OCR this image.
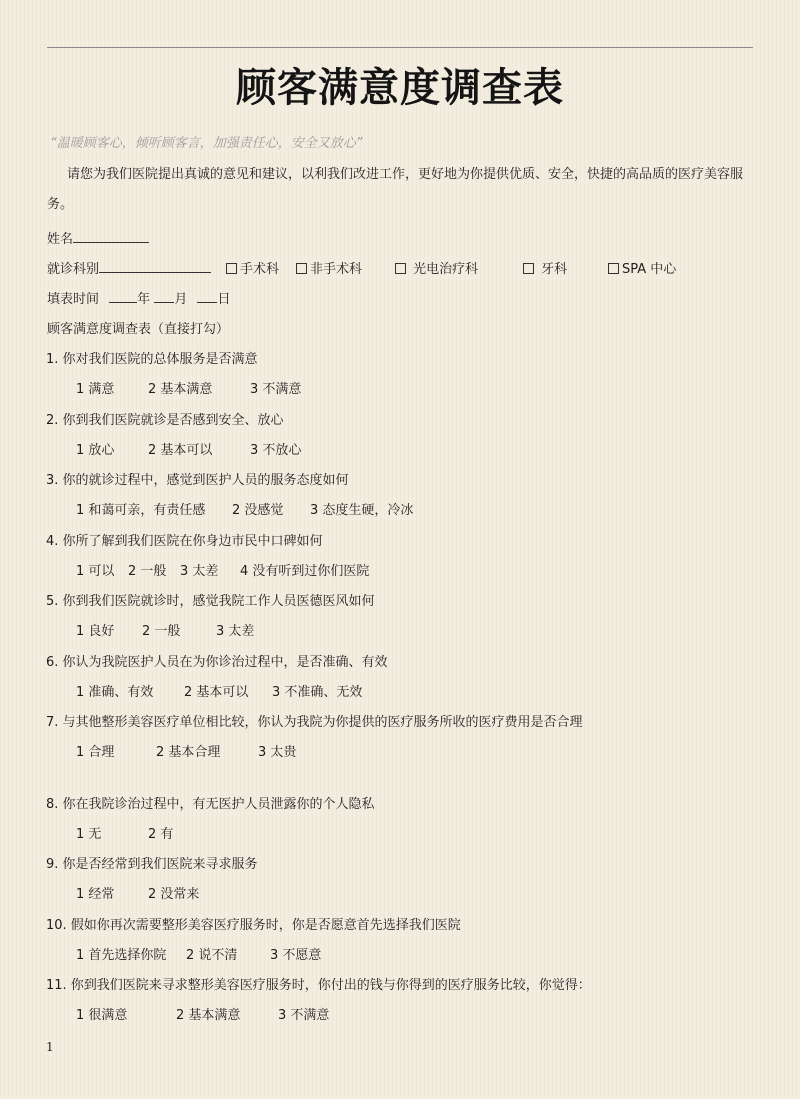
顾客满意度调查表
“温暖顾客心，倾听顾客言，加强责任心，安全又放心”
请您为我们医院提出真诚的意见和建议，以利我们改进工作，更好地为你提供优质、安全，快捷的高品质的医疗美容服务。
姓名
就诊科别	手术科	非手术科	光电治疗科	牙科	SPA 中心
填表时间	年 月 日
顾客满意度调查表（直接打勾）
1. 你对我们医院的总体服务是否满意
1 满意	2 基本满意	3 不满意
2. 你到我们医院就诊是否感到安全、放心
1 放心	2 基本可以	3 不放心
3. 你的就诊过程中，感觉到医护人员的服务态度如何
1 和蔼可亲，有责任感 2 没感觉 3 态度生硬，冷冰
4. 你所了解到我们医院在你身边市民中口碑如何
1 可以 2 一般 3 太差 4 没有听到过你们医院
5. 你到我们医院就诊时，感觉我院工作人员医德医风如何
1 良好 2 一般	3 太差
6. 你认为我院医护人员在为你诊治过程中，是否准确、有效
1 准确、有效 2 基本可以 3 不准确、无效
7. 与其他整形美容医疗单位相比较，你认为我院为你提供的医疗服务所收的医疗费用是否合理
1 合理	2 基本合理	3 太贵
8. 你在我院诊治过程中，有无医护人员泄露你的个人隐私
1 无	2 有
9. 你是否经常到我们医院来寻求服务
1 经常	2 没常来
10. 假如你再次需要整形美容医疗服务时，你是否愿意首先选择我们医院
1 首先选择你院 2 说不清	3 不愿意
11. 你到我们医院来寻求整形美容医疗服务时，你付出的钱与你得到的医疗服务比较，你觉得：
1 很满意	2 基本满意	3 不满意
1
